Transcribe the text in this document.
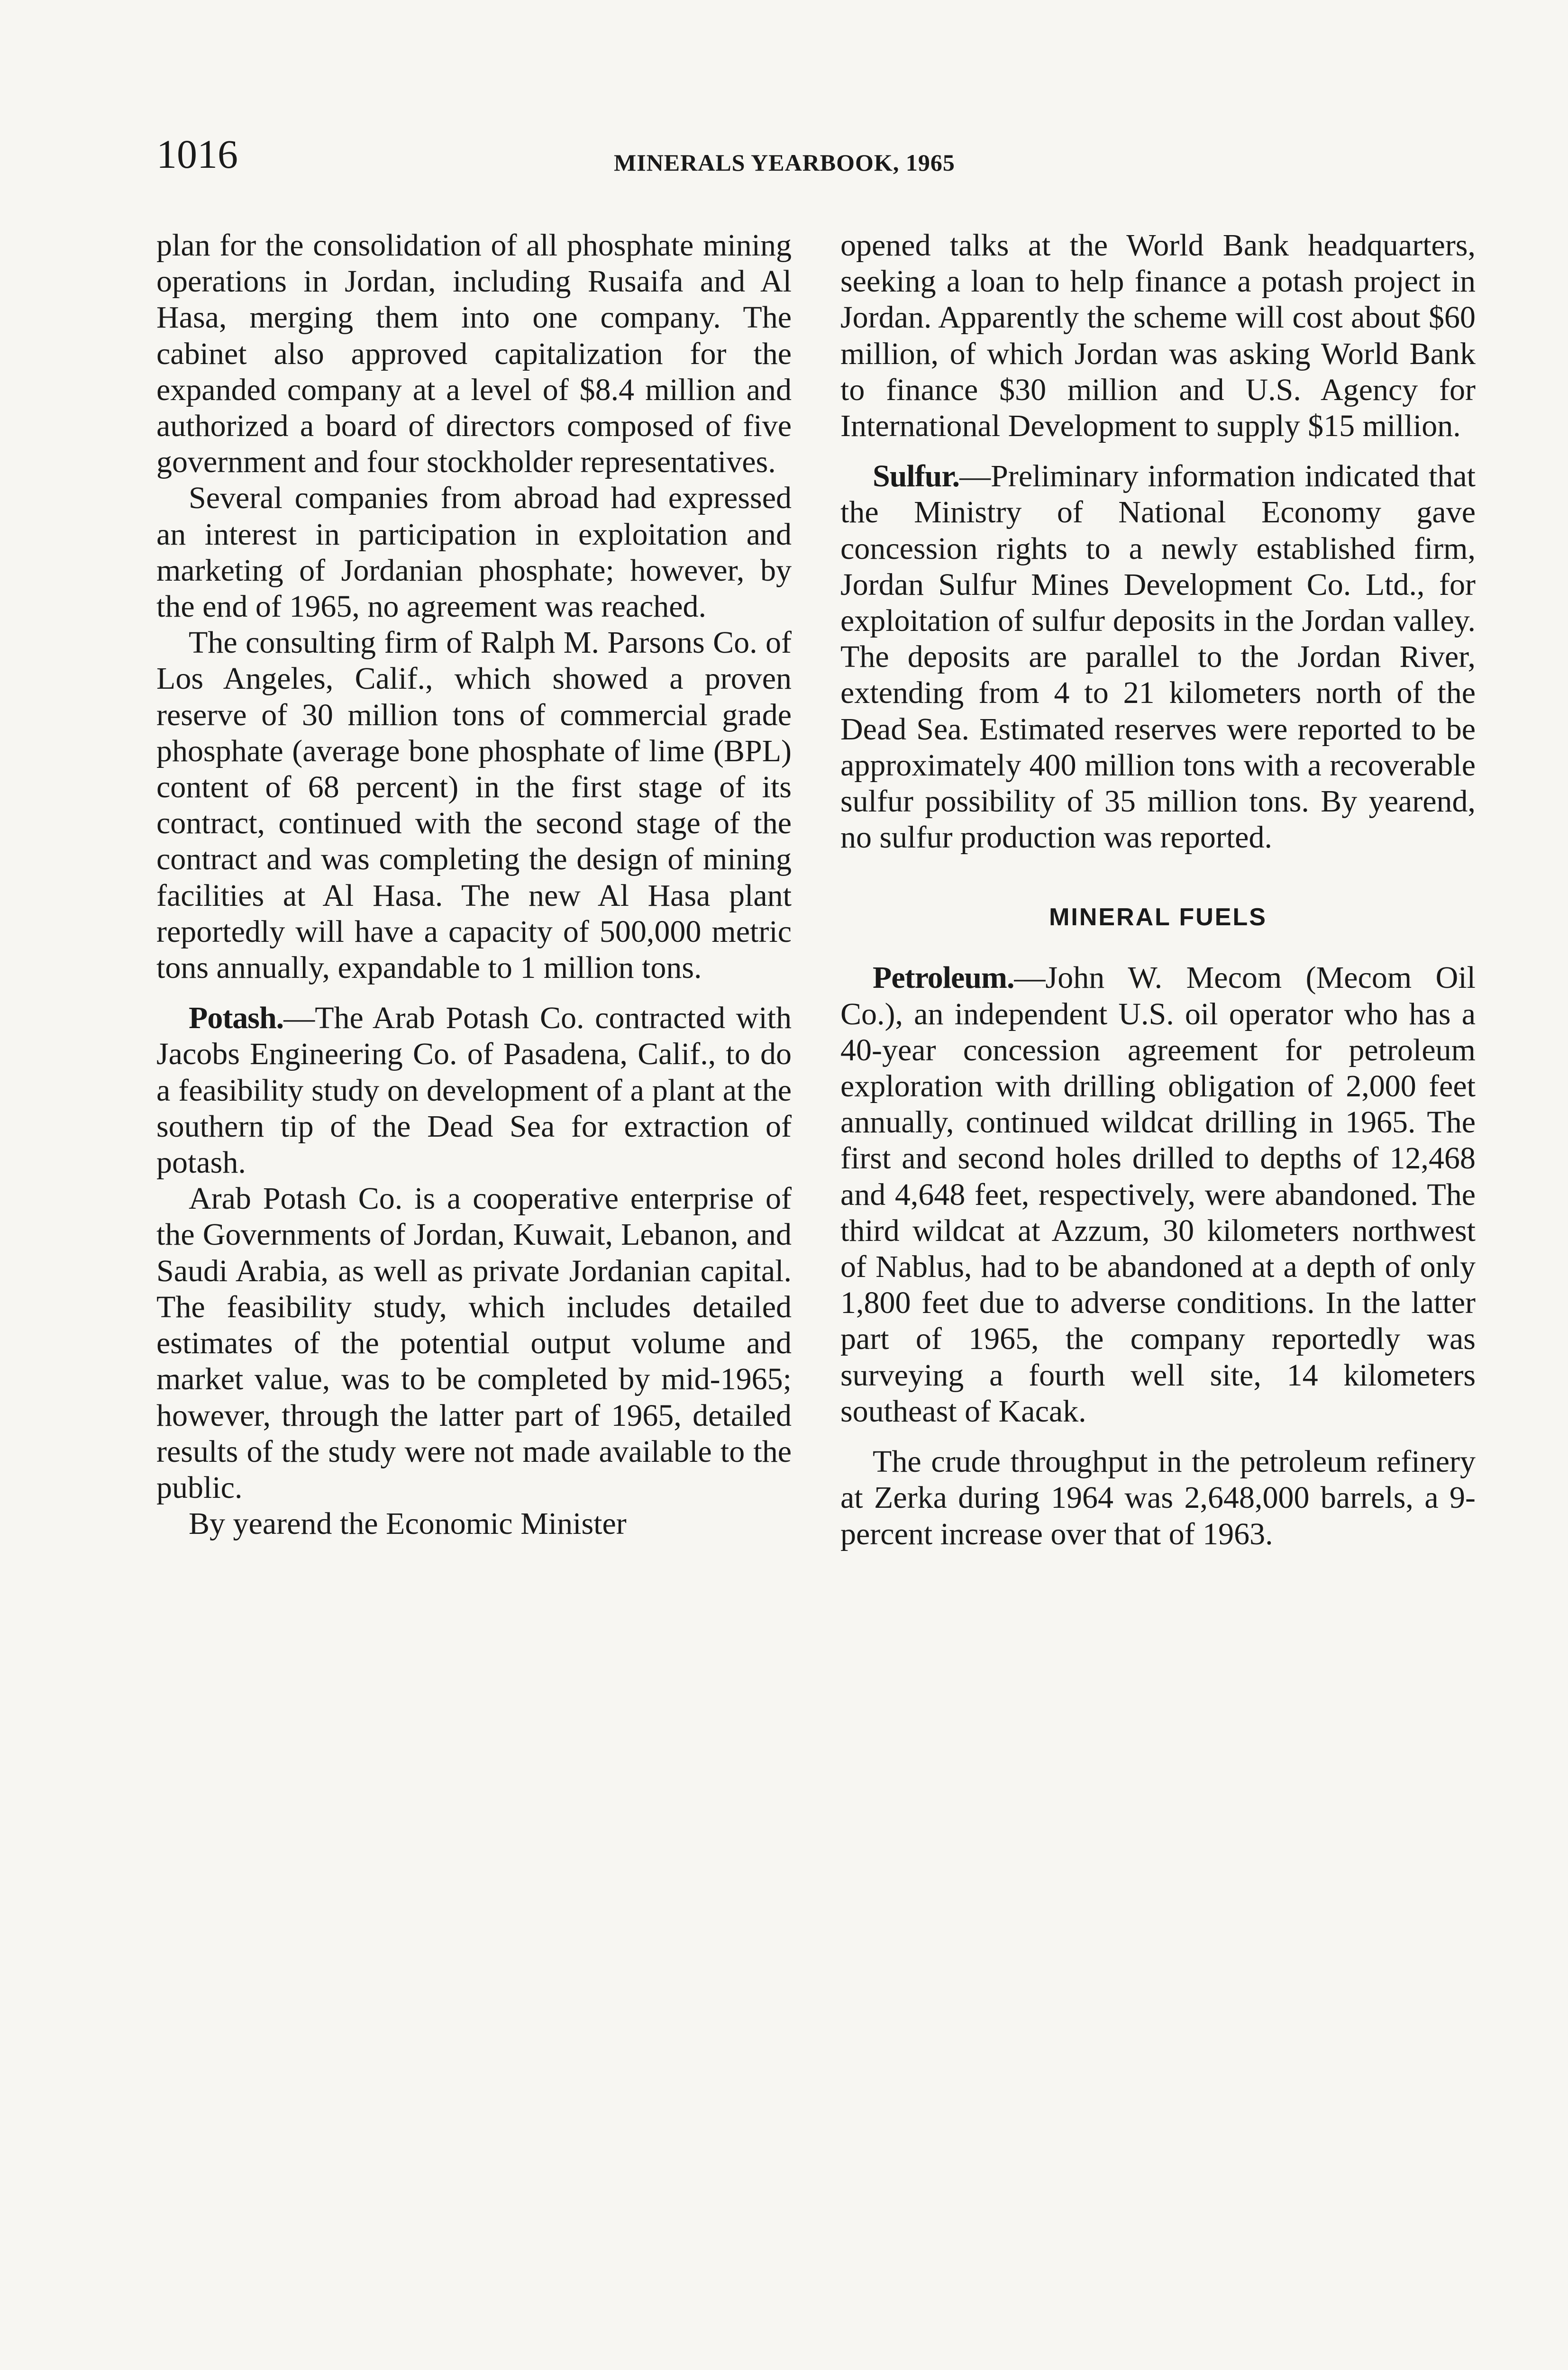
1016	MINERALS YEARBOOK, 1965

plan for the consolidation of all phosphate mining operations in Jordan, including Rusaifa and Al Hasa, merging them into one company. The cabinet also approved capitalization for the expanded company at a level of $8.4 million and authorized a board of directors composed of five government and four stockholder representatives.

Several companies from abroad had expressed an interest in participation in exploitation and marketing of Jordanian phosphate; however, by the end of 1965, no agreement was reached.

The consulting firm of Ralph M. Parsons Co. of Los Angeles, Calif., which showed a proven reserve of 30 million tons of commercial grade phosphate (average bone phosphate of lime (BPL) content of 68 percent) in the first stage of its contract, continued with the second stage of the contract and was completing the design of mining facilities at Al Hasa. The new Al Hasa plant reportedly will have a capacity of 500,000 metric tons annually, expandable to 1 million tons.

Potash.—The Arab Potash Co. contracted with Jacobs Engineering Co. of Pasadena, Calif., to do a feasibility study on development of a plant at the southern tip of the Dead Sea for extraction of potash.

Arab Potash Co. is a cooperative enterprise of the Governments of Jordan, Kuwait, Lebanon, and Saudi Arabia, as well as private Jordanian capital. The feasibility study, which includes detailed estimates of the potential output volume and market value, was to be completed by mid-1965; however, through the latter part of 1965, detailed results of the study were not made available to the public.

By yearend the Economic Minister

opened talks at the World Bank headquarters, seeking a loan to help finance a potash project in Jordan. Apparently the scheme will cost about $60 million, of which Jordan was asking World Bank to finance $30 million and U.S. Agency for International Development to supply $15 million.

Sulfur.—Preliminary information indicated that the Ministry of National Economy gave concession rights to a newly established firm, Jordan Sulfur Mines Development Co. Ltd., for exploitation of sulfur deposits in the Jordan valley. The deposits are parallel to the Jordan River, extending from 4 to 21 kilometers north of the Dead Sea. Estimated reserves were reported to be approximately 400 million tons with a recoverable sulfur possibility of 35 million tons. By yearend, no sulfur production was reported.

MINERAL FUELS

Petroleum.—John W. Mecom (Mecom Oil Co.), an independent U.S. oil operator who has a 40-year concession agreement for petroleum exploration with drilling obligation of 2,000 feet annually, continued wildcat drilling in 1965. The first and second holes drilled to depths of 12,468 and 4,648 feet, respectively, were abandoned. The third wildcat at Azzum, 30 kilometers northwest of Nablus, had to be abandoned at a depth of only 1,800 feet due to adverse conditions. In the latter part of 1965, the company reportedly was surveying a fourth well site, 14 kilometers southeast of Kacak.

The crude throughput in the petroleum refinery at Zerka during 1964 was 2,648,000 barrels, a 9-percent increase over that of 1963.
